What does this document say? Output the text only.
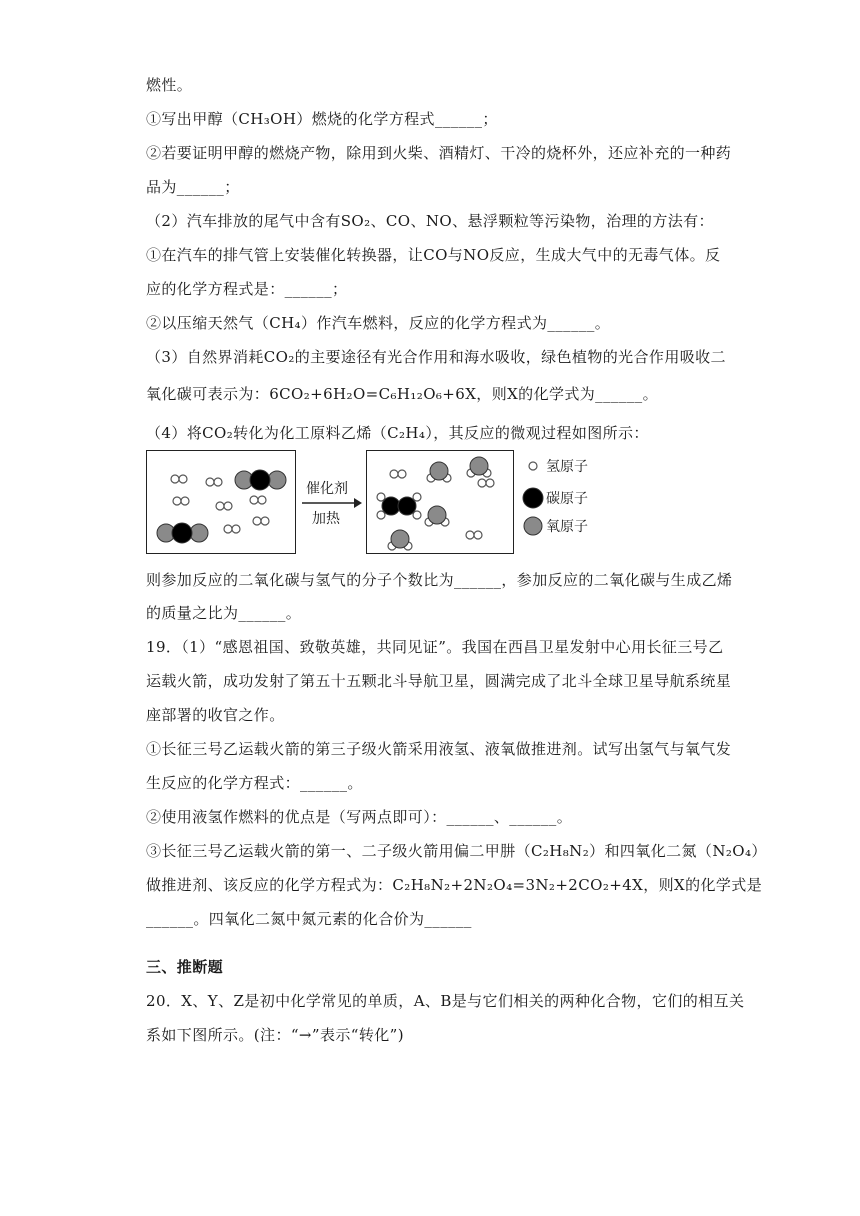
燃性。
①写出甲醇（CH₃OH）燃烧的化学方程式______；
②若要证明甲醇的燃烧产物，除用到火柴、酒精灯、干冷的烧杯外，还应补充的一种药
品为______；
（2）汽车排放的尾气中含有SO₂、CO、NO、悬浮颗粒等污染物，治理的方法有：
①在汽车的排气管上安装催化转换器，让CO与NO反应，生成大气中的无毒气体。反
应的化学方程式是：______；
②以压缩天然气（CH₄）作汽车燃料，反应的化学方程式为______。
（3）自然界消耗CO₂的主要途径有光合作用和海水吸收，绿色植物的光合作用吸收二
氧化碳可表示为：6CO₂+6H₂O=C₆H₁₂O₆+6X，则X的化学式为______。
（4）将CO₂转化为化工原料乙烯（C₂H₄），其反应的微观过程如图所示：
催化剂
加热
氢原子
碳原子
氧原子
则参加反应的二氧化碳与氢气的分子个数比为______，参加反应的二氧化碳与生成乙烯
的质量之比为______。
19．（1）“感恩祖国、致敬英雄，共同见证”。我国在西昌卫星发射中心用长征三号乙
运载火箭，成功发射了第五十五颗北斗导航卫星，圆满完成了北斗全球卫星导航系统星
座部署的收官之作。
①长征三号乙运载火箭的第三子级火箭采用液氢、液氧做推进剂。试写出氢气与氧气发
生反应的化学方程式：______。
②使用液氢作燃料的优点是（写两点即可）：______、______。
③长征三号乙运载火箭的第一、二子级火箭用偏二甲肼（C₂H₈N₂）和四氧化二氮（N₂O₄）
做推进剂、该反应的化学方程式为：C₂H₈N₂+2N₂O₄=3N₂+2CO₂+4X，则X的化学式是
______。四氧化二氮中氮元素的化合价为______
三、推断题
20．X、Y、Z是初中化学常见的单质，A、B是与它们相关的两种化合物，它们的相互关
系如下图所示。(注：“→”表示“转化”)
